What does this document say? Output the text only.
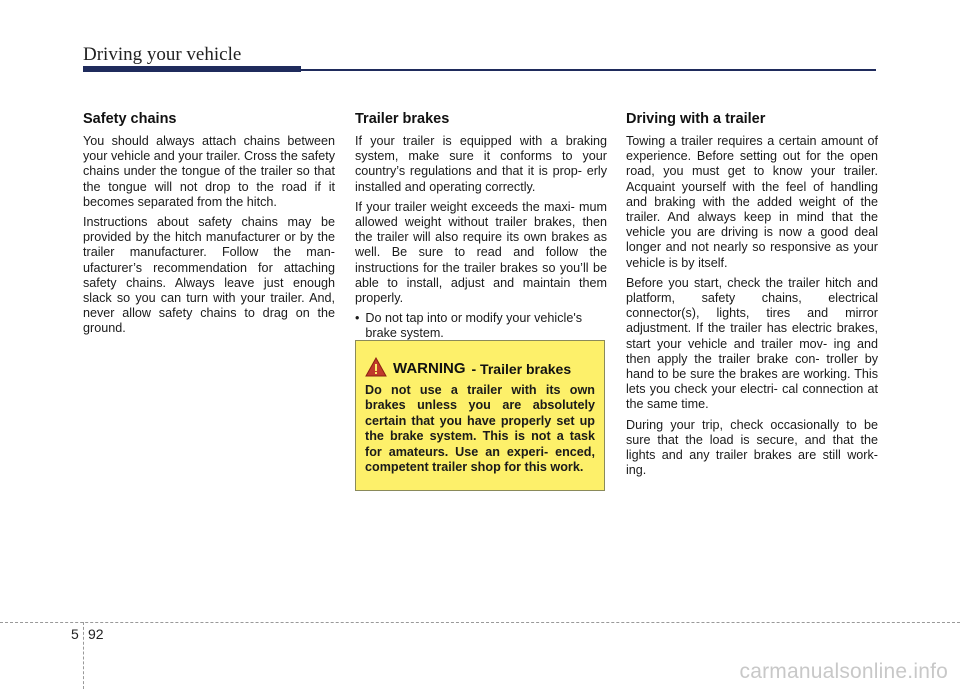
Driving your vehicle
Safety chains

You should always attach chains between your vehicle and your trailer. Cross the safety chains under the tongue of the trailer so that the tongue will not drop to the road if it becomes separated from the hitch.

Instructions about safety chains may be provided by the hitch manufacturer or by the trailer manufacturer. Follow the man- ufacturer’s recommendation for attaching safety chains. Always leave just enough slack so you can turn with your trailer. And, never allow safety chains to drag on the ground.

Trailer brakes

If your trailer is equipped with a braking system, make sure it conforms to your country’s regulations and that it is prop- erly installed and operating correctly.

If your trailer weight exceeds the maxi- mum allowed weight without trailer brakes, then the trailer will also require its own brakes as well. Be sure to read and follow the instructions for the trailer brakes so you’ll be able to install, adjust and maintain them properly.

• Do not tap into or modify your vehicle's brake system.
WARNING - Trailer brakes
Do not use a trailer with its own brakes unless you are absolutely certain that you have properly set up the brake system. This is not a task for amateurs. Use an experi- enced, competent trailer shop for this work.
Driving with a trailer

Towing a trailer requires a certain amount of experience. Before setting out for the open road, you must get to know your trailer. Acquaint yourself with the feel of handling and braking with the added weight of the trailer. And always keep in mind that the vehicle you are driving is now a good deal longer and not nearly so responsive as your vehicle is by itself.

Before you start, check the trailer hitch and platform, safety chains, electrical connector(s), lights, tires and mirror adjustment. If the trailer has electric brakes, start your vehicle and trailer mov- ing and then apply the trailer brake con- troller by hand to be sure the brakes are working. This lets you check your electri- cal connection at the same time.

During your trip, check occasionally to be sure that the load is secure, and that the lights and any trailer brakes are still work- ing.

5 92
carmanualsonline.info
